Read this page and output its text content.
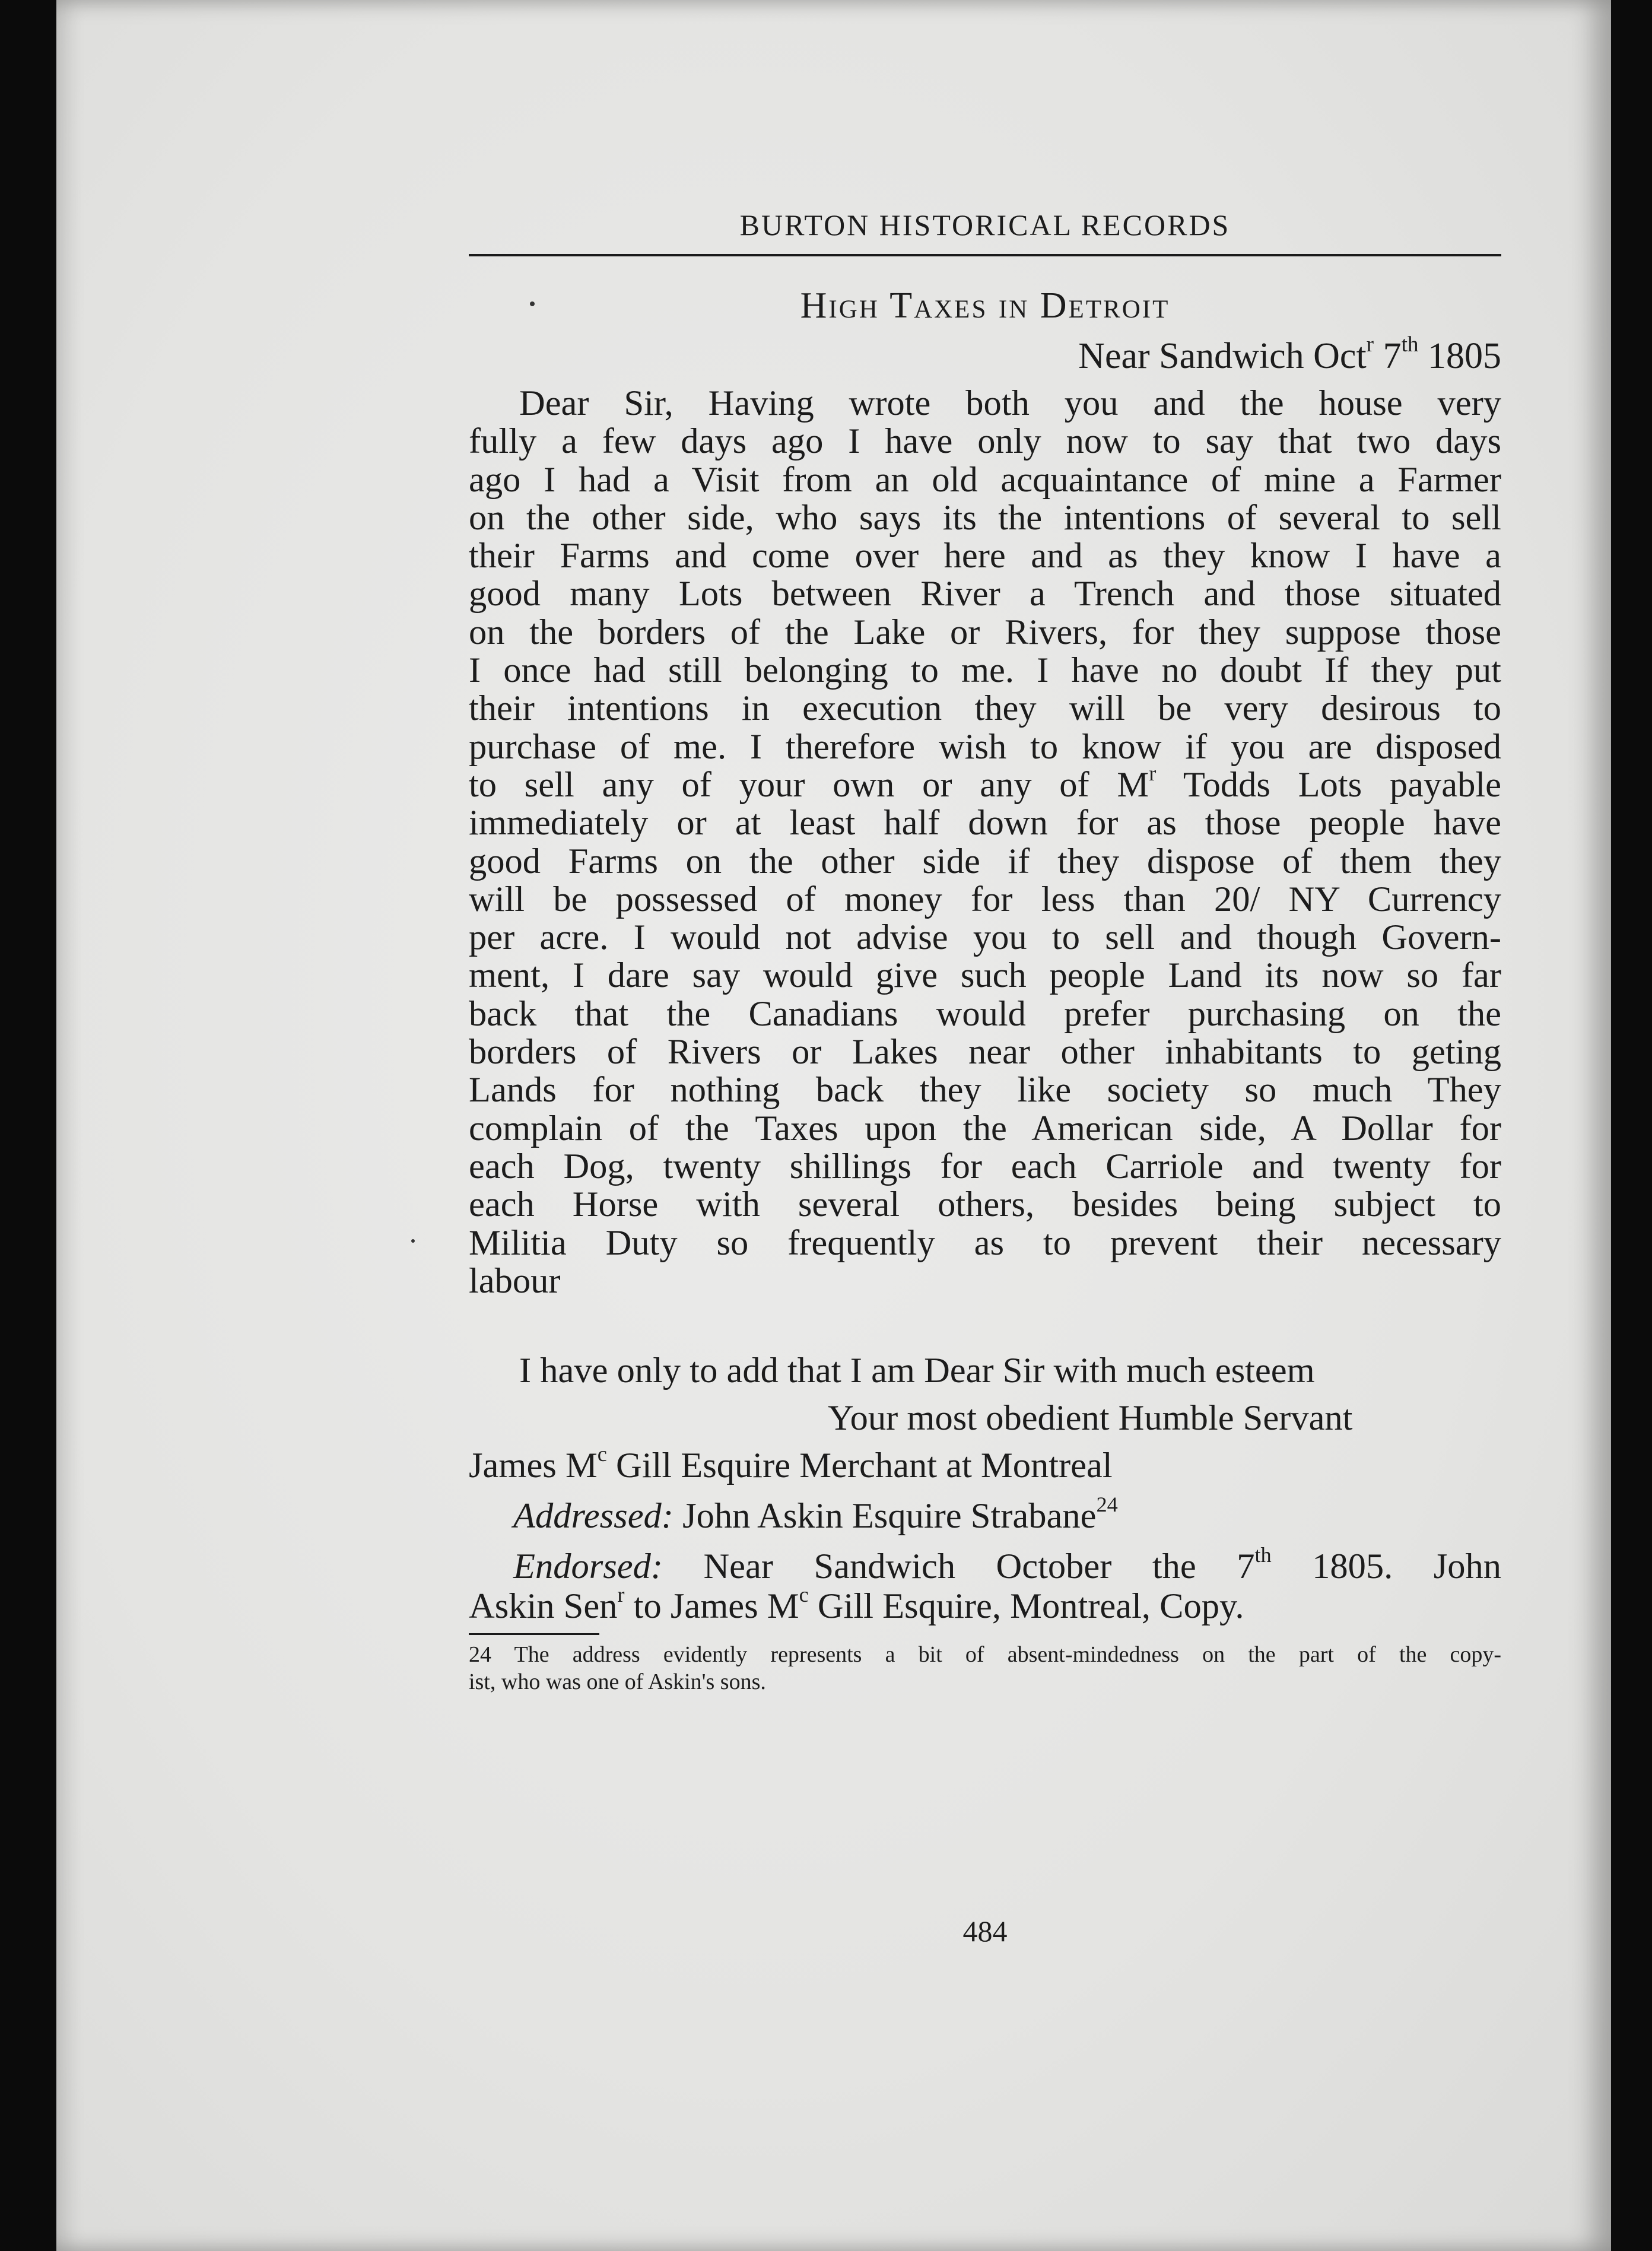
BURTON HISTORICAL RECORDS
High Taxes in Detroit
Near Sandwich Oct$^r$ 7th 1805
Dear Sir, Having wrote both you and the house very
fully a few days ago I have only now to say that two days
ago I had a Visit from an old acquaintance of mine a Farmer
on the other side, who says its the intentions of several to sell
their Farms and come over here and as they know I have a
good many Lots between River a Trench and those situated
on the borders of the Lake or Rivers, for they suppose those
I once had still belonging to me. I have no doubt If they put
their intentions in execution they will be very desirous to
purchase of me. I therefore wish to know if you are disposed
to sell any of your own or any of $M^r$ Todds Lots payable
immediately or at least half down for as those people have
good Farms on the other side if they dispose of them they
will be possessed of money for less than 20/ NY Currency
per acre. I would not advise you to sell and though Govern-
ment, I dare say would give such people Land its now so far
back that the Canadians would prefer purchasing on the
borders of Rivers or Lakes near other inhabitants to geting
Lands for nothing back they like society so much They
complain of the Taxes upon the American side, A Dollar for
each Dog, twenty shillings for each Carriole and twenty for
each Horse with several others, besides being subject to
Militia Duty so frequently as to prevent their necessary
labour
I have only to add that I am Dear Sir with much esteem
Your most obedient Humble Servant
James $M^c$ Gill Esquire Merchant at Montreal
Addressed: John Askin Esquire Strabane$^{24}$
Endorsed: Near Sandwich October the 7th 1805. John
Askin Sen$^r$ to James $M^c$ Gill Esquire, Montreal, Copy.
24 The address evidently represents a bit of absent-mindedness on the part of the copy-
ist, who was one of Askin's sons.
484
